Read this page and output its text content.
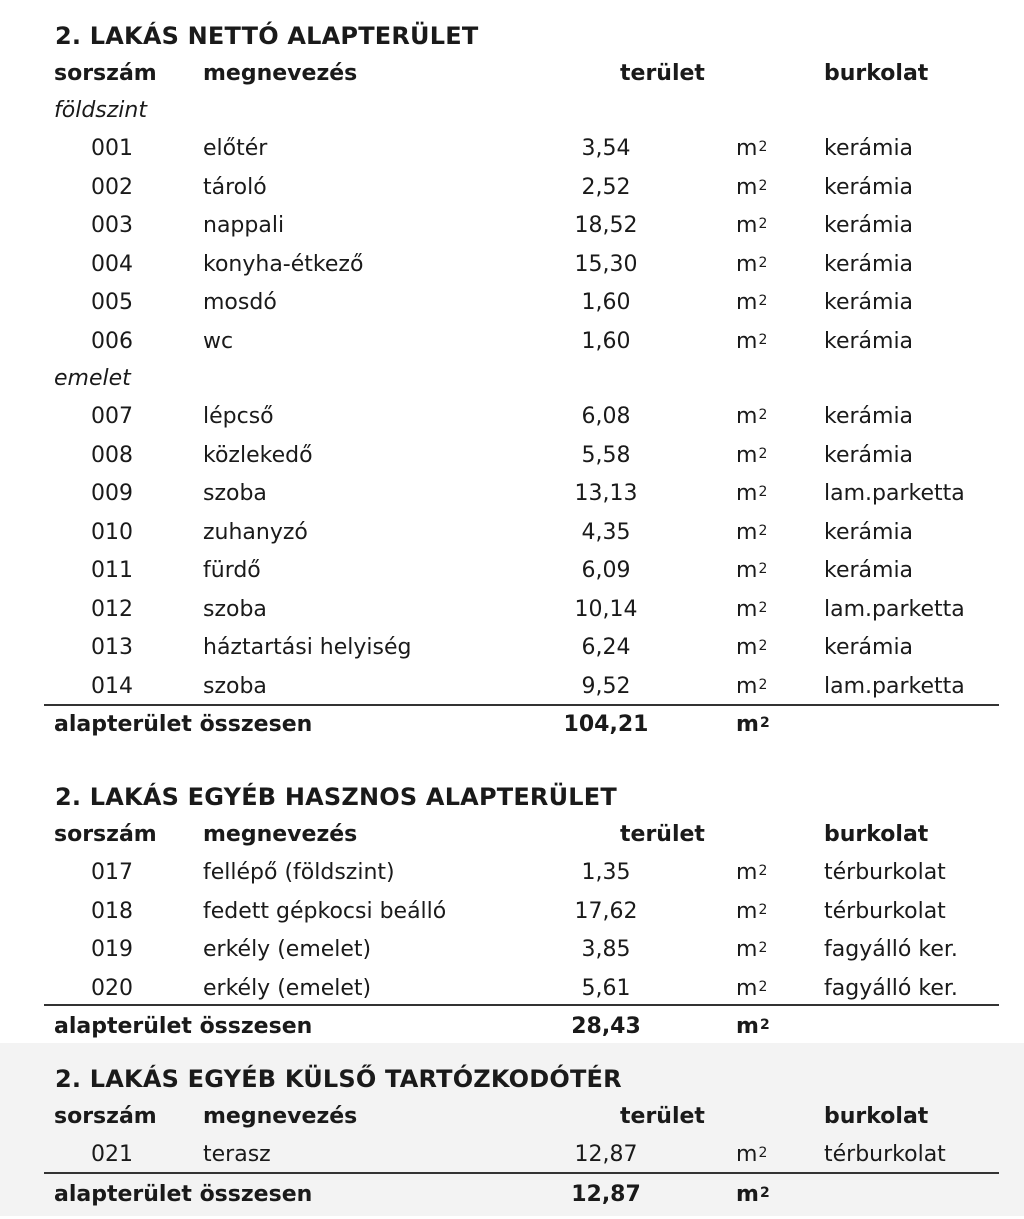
2. LAKÁS NETTÓ ALAPTERÜLET
sorszám megnevezés	terület	burkolat
földszint
001	előtér	3,54	$m^2$	kerámia
002	tároló	2,52	$m^2$	kerámia
003	nappali	18,52	$m^2$	kerámia
004	konyha-étkező	15,30	$m^2$	kerámia
005	mosdó	1,60	$m^2$	kerámia
006	wc	1,60	$m^2$	kerámia
emelet
007	lépcső	6,08	$m^2$	kerámia
008	közlekedő	5,58	$m^2$	kerámia
009	szoba	13,13	$m^2$	lam.parketta
010	zuhanyzó	4,35	$m^2$	kerámia
011	fürdő	6,09	$m^2$	kerámia
012	szoba	10,14	$m^2$	lam.parketta
013	háztartási helyiség	6,24	$m^2$	kerámia
014	szoba	9,52	$m^2$	lam.parketta
alapterület összesen	104,21	$m^2$
2. LAKÁS EGYÉB HASZNOS ALAPTERÜLET
sorszám megnevezés	terület	burkolat
017	fellépő (földszint)	1,35	$m^2$	térburkolat
018	fedett gépkocsi beálló	17,62	$m^2$	térburkolat
019	erkély (emelet)	3,85	$m^2$	fagyálló ker.
020	erkély (emelet)	5,61	$m^2$	fagyálló ker.
alapterület összesen	28,43	$m^2$
2. LAKÁS EGYÉB KÜLSŐ TARTÓZKODÓTÉR
sorszám megnevezés	terület	burkolat
021	terasz	12,87	$m^2$	térburkolat
alapterület összesen	12,87	$m^2$
